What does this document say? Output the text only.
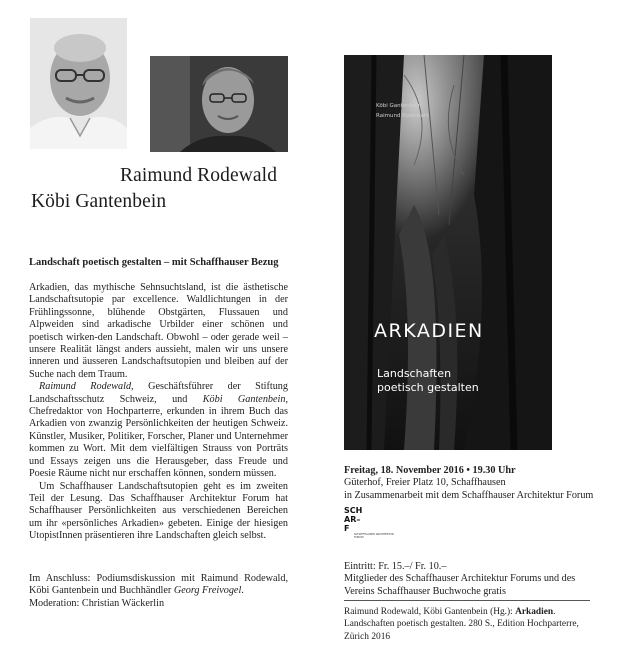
Raimund Rodewald
Köbi Gantenbein
ARKADIEN
Landschaft poetisch gestalten – mit Schaffhauser Bezug

Arkadien, das mythische Sehnsuchtsland, ist die ästhetische Landschaftsutopie par excellence. Waldlichtungen in der Frühlingssonne, blühende Obstgärten, Flussauen und Alpweiden sind arkadische Urbilder einer schönen und poetisch wirken-den Landschaft. Obwohl – oder gerade weil – unsere Realität längst anders aussieht, malen wir uns unsere inneren und äusseren Landschaftsutopien und bleiben auf der Suche nach dem Traum.

Raimund Rodewald, Geschäftsführer der Stiftung Landschaftsschutz Schweiz, und Köbi Gantenbein, Chefredaktor von Hochparterre, erkunden in ihrem Buch das Arkadien von zwanzig Persönlichkeiten der heutigen Schweiz. Künstler, Musiker, Politiker, Forscher, Planer und Unternehmer kommen zu Wort. Mit dem vielfältigen Strauss von Porträts und Essays zeigen uns die Herausgeber, dass Freude und Poesie Räume nicht nur erschaffen können, sondern müssen.

Um Schaffhauser Landschaftsutopien geht es im zweiten Teil der Lesung. Das Schaffhauser Architektur Forum hat Schaffhauser Persönlichkeiten aus verschiedenen Bereichen um ihr «persönliches Arkadien» gebeten. Einige der hiesigen UtopistInnen präsentieren ihre Landschaften gleich selbst.

Im Anschluss: Podiumsdiskussion mit Raimund Rodewald, Köbi Gantenbein und Buchhändler Georg Freivogel.
Moderation: Christian Wäckerlin
Köbi Gantenbein
Raimund Rodewald
ARKADIEN
Landschaften
poetisch gestalten
Freitag, 18. November 2016 • 19.30 Uhr
Güterhof, Freier Platz 10, Schaffhausen
in Zusammenarbeit mit dem Schaffhauser Architektur Forum
SCH
AR–
F
SCHAFFHAUSER ARCHITEKTUR FORUM
Eintritt: Fr. 15.–/ Fr. 10.–
Mitglieder des Schaffhauser Architektur Forums und des Vereins Schaffhauser Buchwoche gratis
Raimund Rodewald, Köbi Gantenbein (Hg.): Arkadien. Landschaften poetisch gestalten. 280 S., Edition Hochparterre, Zürich 2016
